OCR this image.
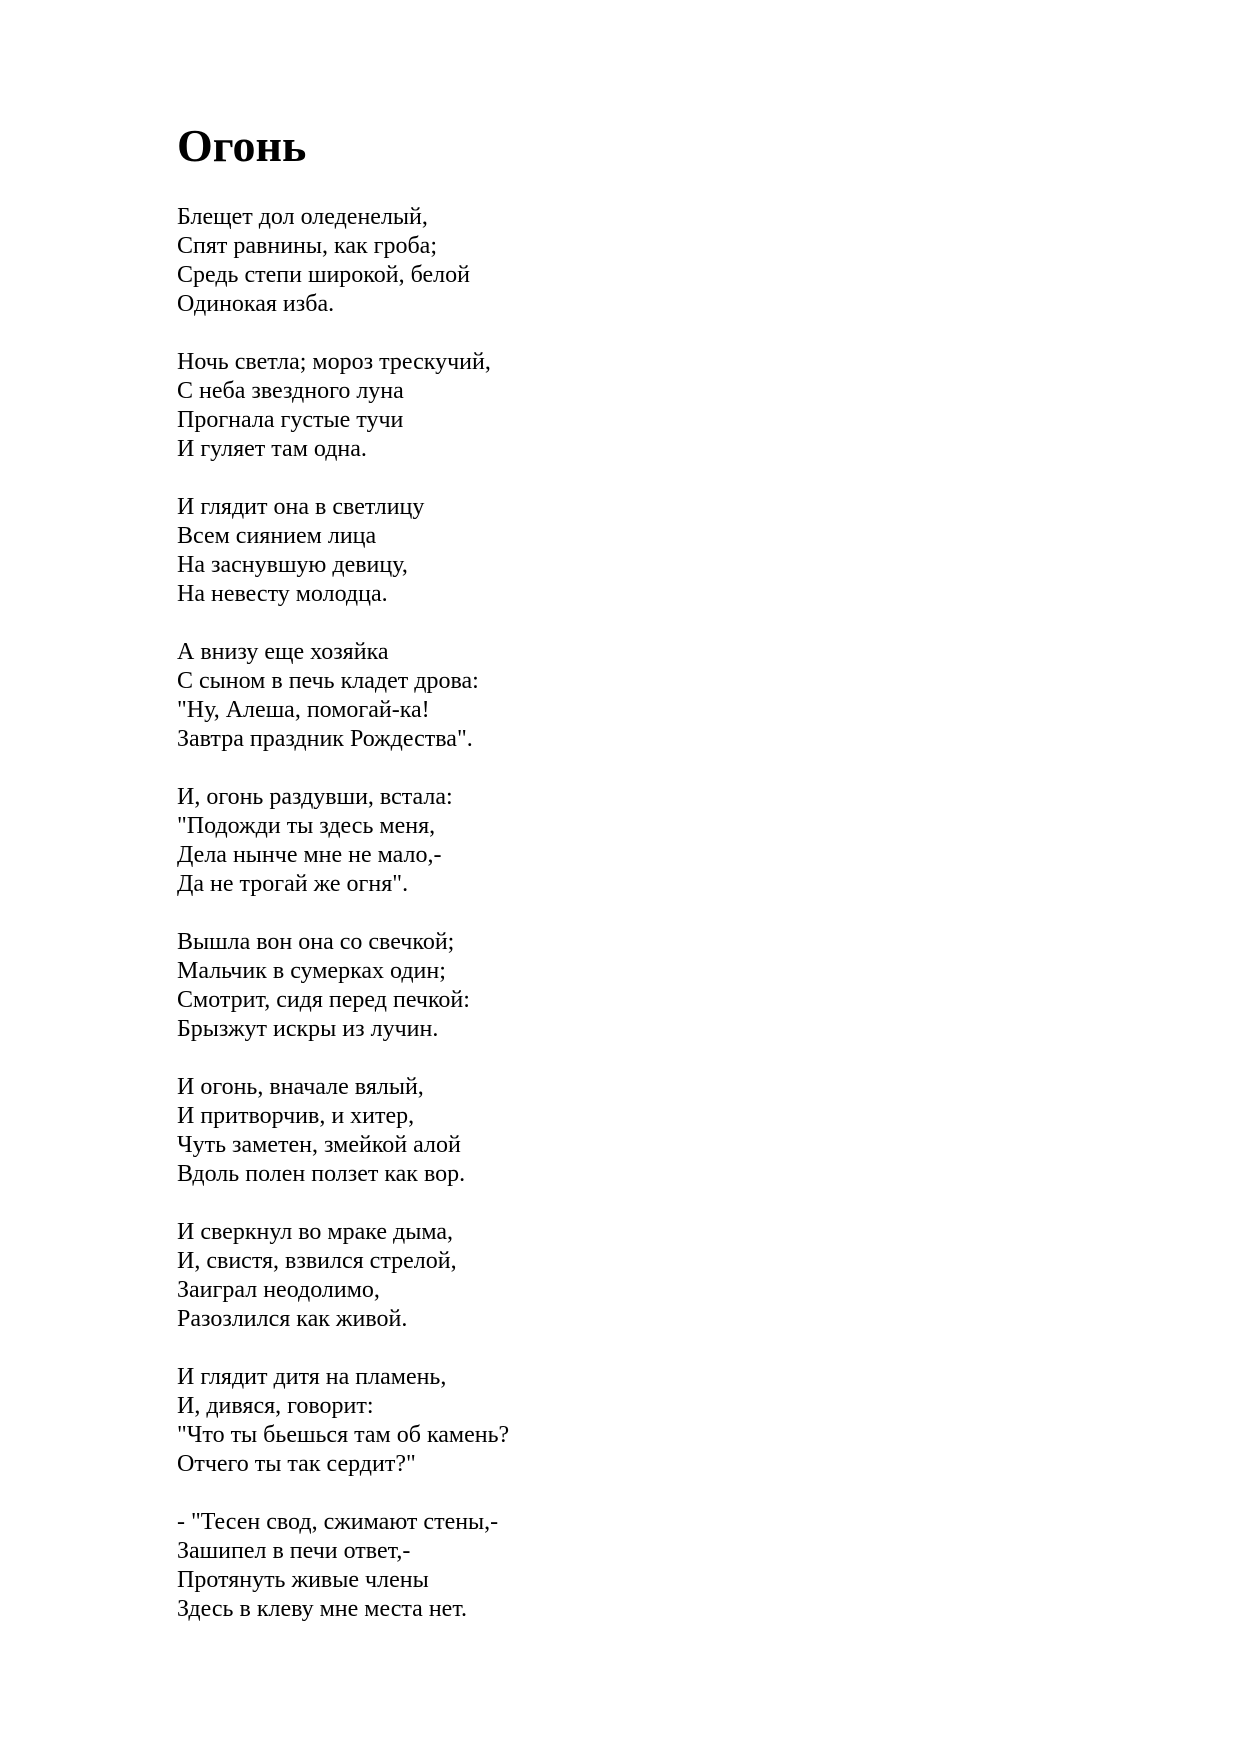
Огонь
Блещет дол оледенелый,
Спят равнины, как гроба;
Средь степи широкой, белой
Одинокая изба.
Ночь светла; мороз трескучий,
С неба звездного луна
Прогнала густые тучи
И гуляет там одна.
И глядит она в светлицу
Всем сиянием лица
На заснувшую девицу,
На невесту молодца.
А внизу еще хозяйка
С сыном в печь кладет дрова:
"Ну, Алеша, помогай-ка!
Завтра праздник Рождества".
И, огонь раздувши, встала:
"Подожди ты здесь меня,
Дела нынче мне не мало,-
Да не трогай же огня".
Вышла вон она со свечкой;
Мальчик в сумерках один;
Смотрит, сидя перед печкой:
Брызжут искры из лучин.
И огонь, вначале вялый,
И притворчив, и хитер,
Чуть заметен, змейкой алой
Вдоль полен ползет как вор.
И сверкнул во мраке дыма,
И, свистя, взвился стрелой,
Заиграл неодолимо,
Разозлился как живой.
И глядит дитя на пламень,
И, дивяся, говорит:
"Что ты бьешься там об камень?
Отчего ты так сердит?"
- "Тесен свод, сжимают стены,-
Зашипел в печи ответ,-
Протянуть живые члены
Здесь в клеву мне места нет.
